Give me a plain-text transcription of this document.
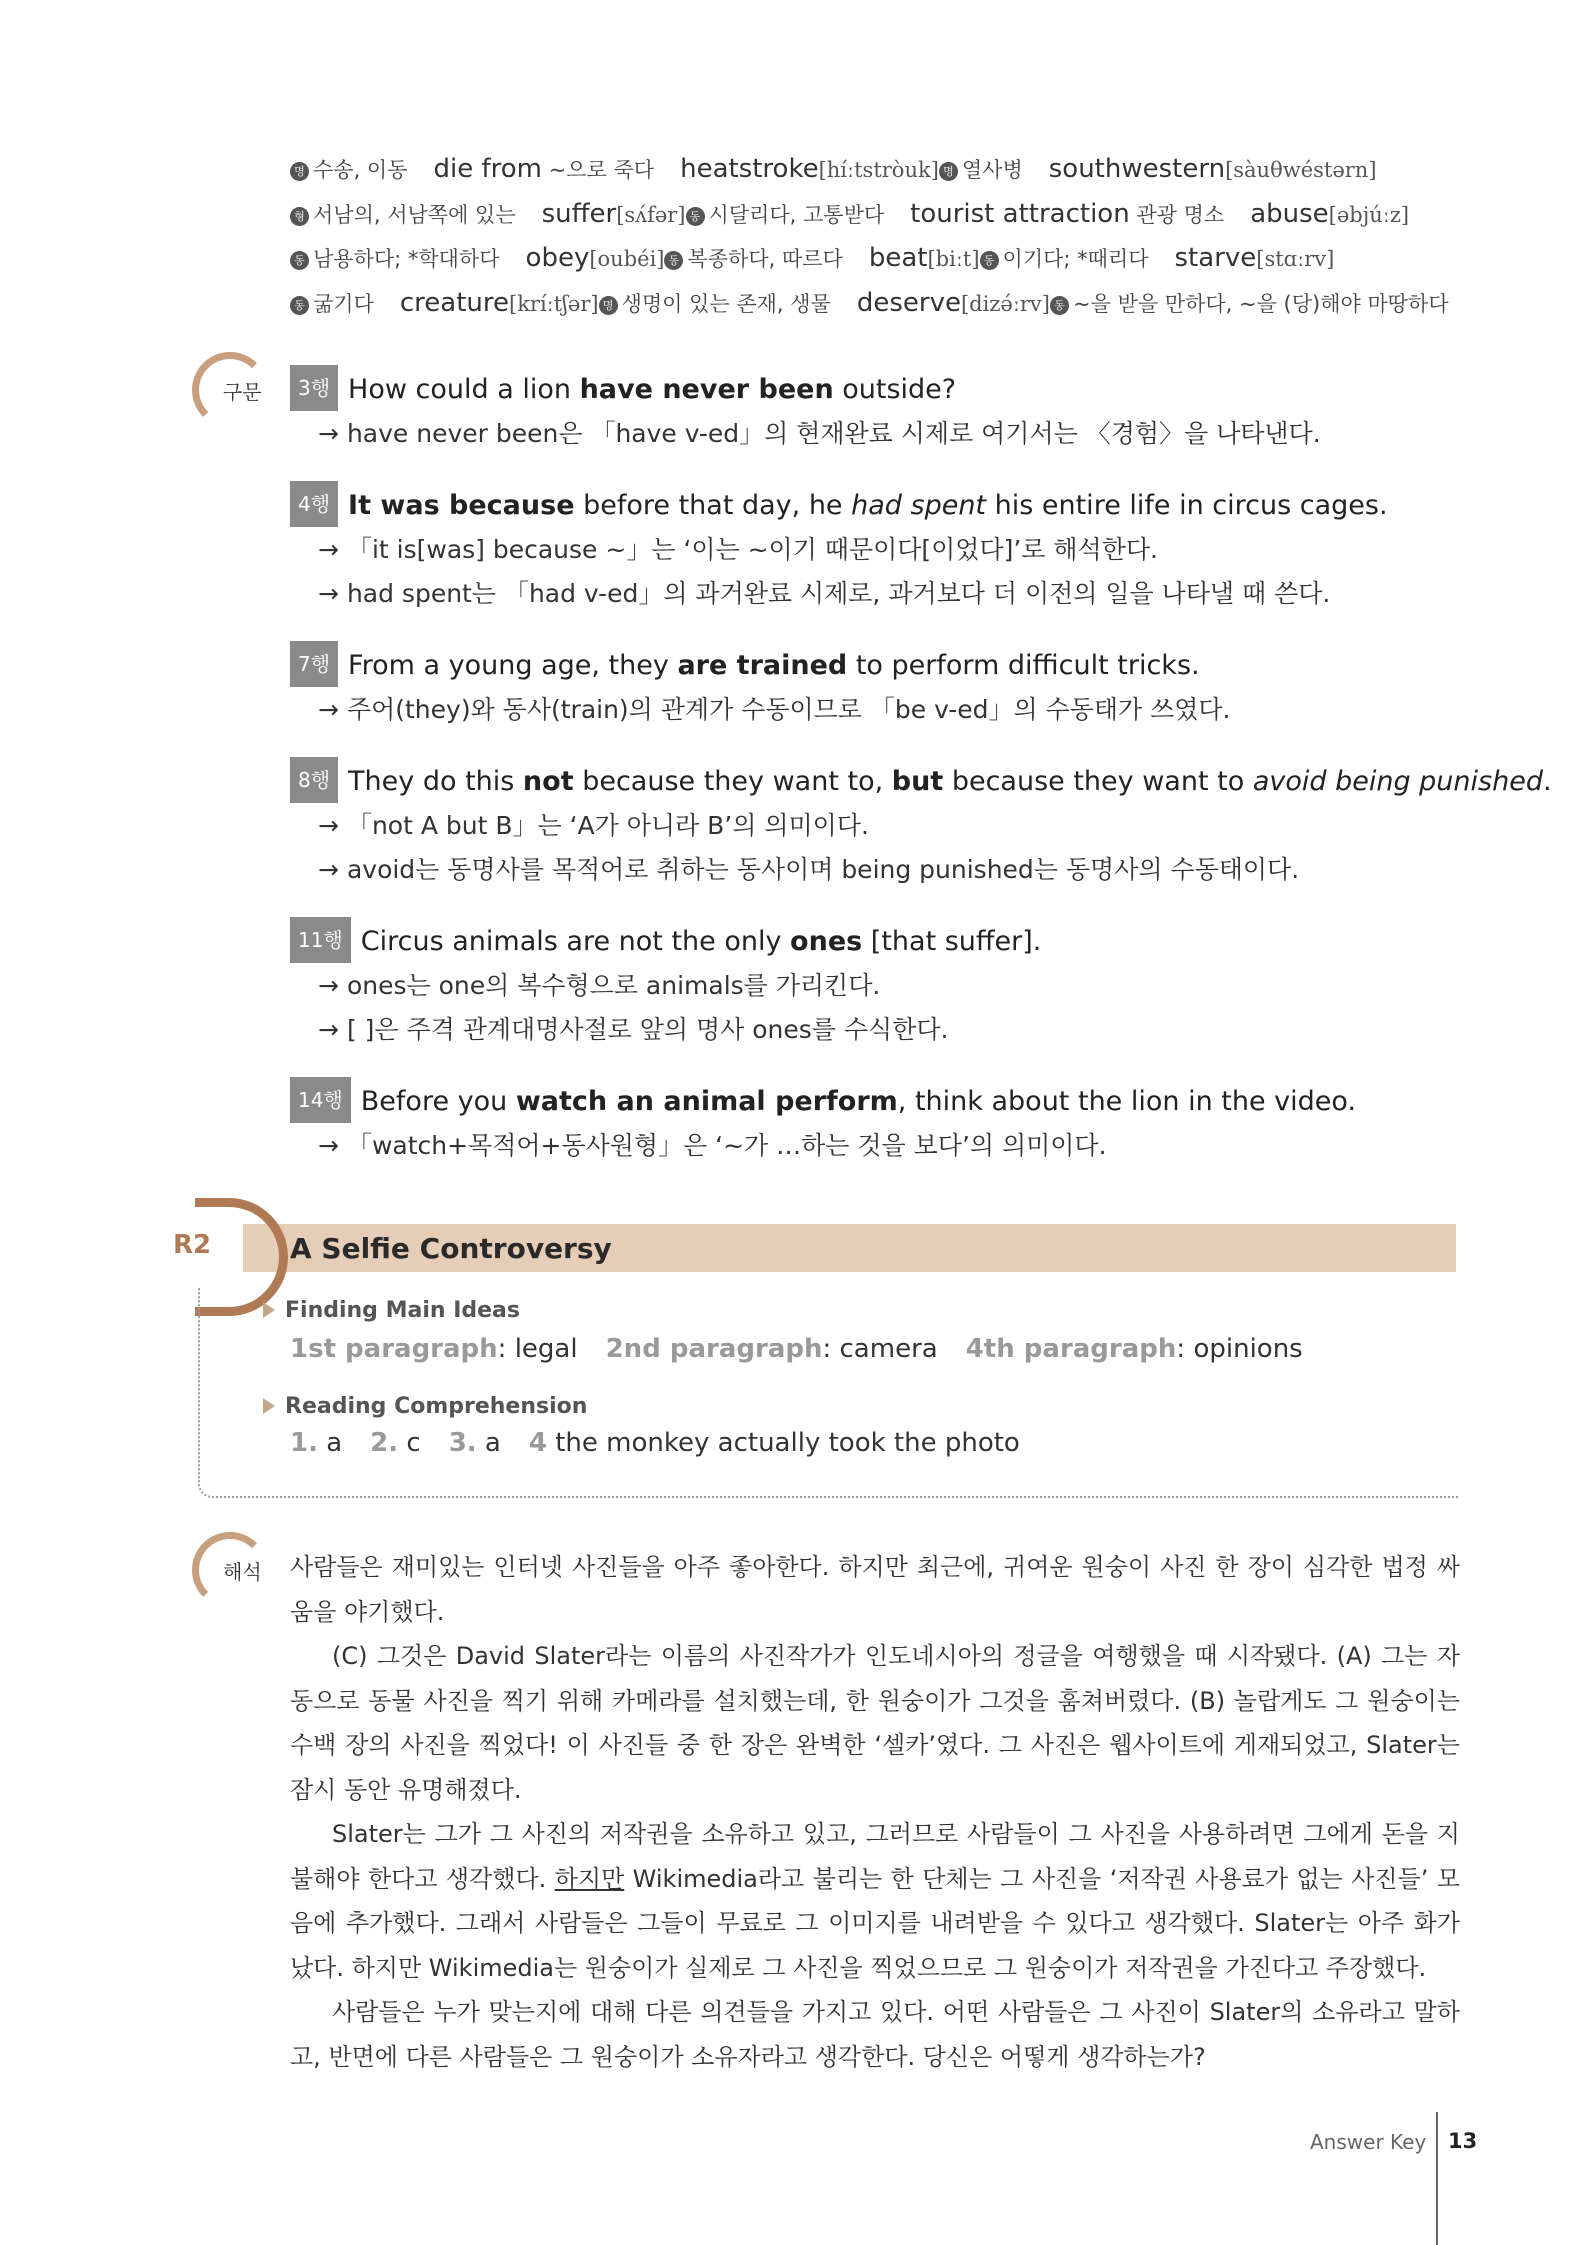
명 수송, 이동 die from ~으로 죽다 heatstroke[híːtstròuk] 명 열사병 southwestern[sàuθwéstərn]
형 서남의, 서남쪽에 있는 suffer[sʌ́fər] 동 시달리다, 고통받다 tourist attraction 관광 명소 abuse[əbjúːz]
동 남용하다; *학대하다 obey[oubéi] 동 복종하다, 따르다 beat[biːt] 동 이기다; *때리다 starve[stɑːrv]
동 굶기다 creature[kríːtʃər] 명 생명이 있는 존재, 생물 deserve[dizə́ːrv] 동 ~을 받을 만하다, ~을 (당)해야 마땅하다
구문	3행 How could a lion have never been outside?
→ have never been은 「have v-ed」의 현재완료 시제로 여기서는 〈경험〉을 나타낸다.
4행 It was because before that day, he had spent his entire life in circus cages.
→ 「it is[was] because ~」는 ‘이는 ~이기 때문이다[이었다]’로 해석한다.
→ had spent는 「had v-ed」의 과거완료 시제로, 과거보다 더 이전의 일을 나타낼 때 쓴다.
7행 From a young age, they are trained to perform difficult tricks.
→ 주어(they)와 동사(train)의 관계가 수동이므로 「be v-ed」의 수동태가 쓰였다.
8행 They do this not because they want to, but because they want to avoid being punished.
→ 「not A but B」는 ‘A가 아니라 B’의 의미이다.
→ avoid는 동명사를 목적어로 취하는 동사이며 being punished는 동명사의 수동태이다.
11행 Circus animals are not the only ones [that suffer].
→ ones는 one의 복수형으로 animals를 가리킨다.
→ [ ]은 주격 관계대명사절로 앞의 명사 ones를 수식한다.
14행 Before you watch an animal perform, think about the lion in the video.
→ 「watch+목적어+동사원형」은 ‘~가 …하는 것을 보다’의 의미이다.
R2	A Selfie Controversy
Finding Main Ideas
1st paragraph: legal 2nd paragraph: camera 4th paragraph: opinions
Reading Comprehension
1. a 2. c 3. a 4 the monkey actually took the photo
해석 사람들은 재미있는 인터넷 사진들을 아주 좋아한다. 하지만 최근에, 귀여운 원숭이 사진 한 장이 심각한 법정 싸움을 야기했다.

(C) 그것은 David Slater라는 이름의 사진작가가 인도네시아의 정글을 여행했을 때 시작됐다. (A) 그는 자동으로 동물 사진을 찍기 위해 카메라를 설치했는데, 한 원숭이가 그것을 훔쳐버렸다. (B) 놀랍게도 그 원숭이는 수백 장의 사진을 찍었다! 이 사진들 중 한 장은 완벽한 ‘셀카’였다. 그 사진은 웹사이트에 게재되었고, Slater는 잠시 동안 유명해졌다.

Slater는 그가 그 사진의 저작권을 소유하고 있고, 그러므로 사람들이 그 사진을 사용하려면 그에게 돈을 지불해야 한다고 생각했다. 하지만 Wikimedia라고 불리는 한 단체는 그 사진을 ‘저작권 사용료가 없는 사진들’ 모음에 추가했다. 그래서 사람들은 그들이 무료로 그 이미지를 내려받을 수 있다고 생각했다. Slater는 아주 화가 났다. 하지만 Wikimedia는 원숭이가 실제로 그 사진을 찍었으므로 그 원숭이가 저작권을 가진다고 주장했다.

사람들은 누가 맞는지에 대해 다른 의견들을 가지고 있다. 어떤 사람들은 그 사진이 Slater의 소유라고 말하고, 반면에 다른 사람들은 그 원숭이가 소유자라고 생각한다. 당신은 어떻게 생각하는가?

Answer Key 13
